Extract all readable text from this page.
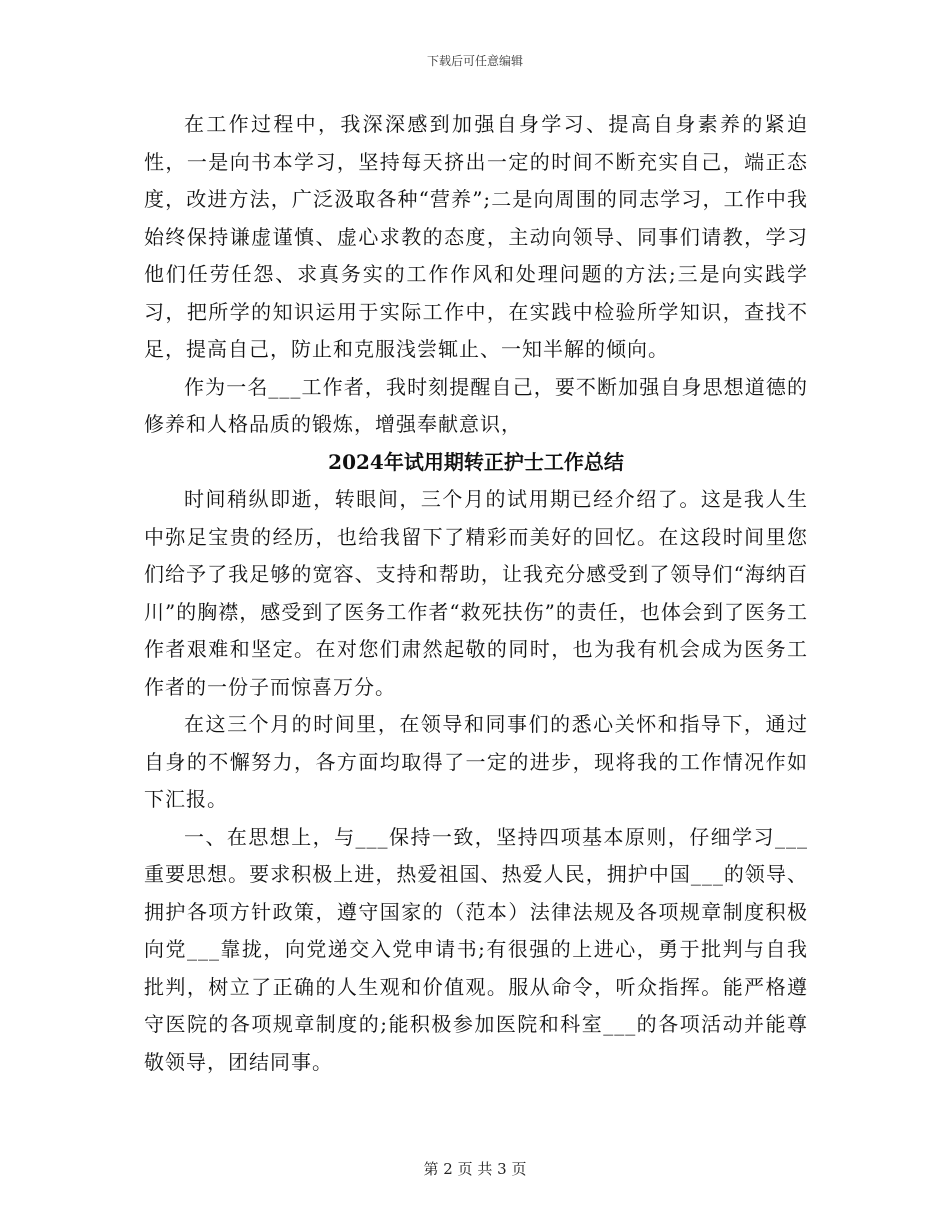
下载后可任意编辑

在工作过程中，我深深感到加强自身学习、提高自身素养的紧迫性，一是向书本学习，坚持每天挤出一定的时间不断充实自己，端正态度，改进方法，广泛汲取各种“营养”;二是向周围的同志学习，工作中我始终保持谦虚谨慎、虚心求教的态度，主动向领导、同事们请教，学习他们任劳任怨、求真务实的工作作风和处理问题的方法;三是向实践学习，把所学的知识运用于实际工作中，在实践中检验所学知识，查找不足，提高自己，防止和克服浅尝辄止、一知半解的倾向。

作为一名___工作者，我时刻提醒自己，要不断加强自身思想道德的修养和人格品质的锻炼，增强奉献意识，

2024年试用期转正护士工作总结

时间稍纵即逝，转眼间，三个月的试用期已经介绍了。这是我人生中弥足宝贵的经历，也给我留下了精彩而美好的回忆。在这段时间里您们给予了我足够的宽容、支持和帮助，让我充分感受到了领导们“海纳百川”的胸襟，感受到了医务工作者“救死扶伤”的责任，也体会到了医务工作者艰难和坚定。在对您们肃然起敬的同时，也为我有机会成为医务工作者的一份子而惊喜万分。

在这三个月的时间里，在领导和同事们的悉心关怀和指导下，通过自身的不懈努力，各方面均取得了一定的进步，现将我的工作情况作如下汇报。

一、在思想上，与___保持一致，坚持四项基本原则，仔细学习___重要思想。要求积极上进，热爱祖国、热爱人民，拥护中国___的领导、拥护各项方针政策，遵守国家的（范本）法律法规及各项规章制度积极向党___靠拢，向党递交入党申请书;有很强的上进心，勇于批判与自我批判，树立了正确的人生观和价值观。服从命令，听众指挥。能严格遵守医院的各项规章制度的;能积极参加医院和科室___的各项活动并能尊敬领导，团结同事。

第 2 页 共 3 页
